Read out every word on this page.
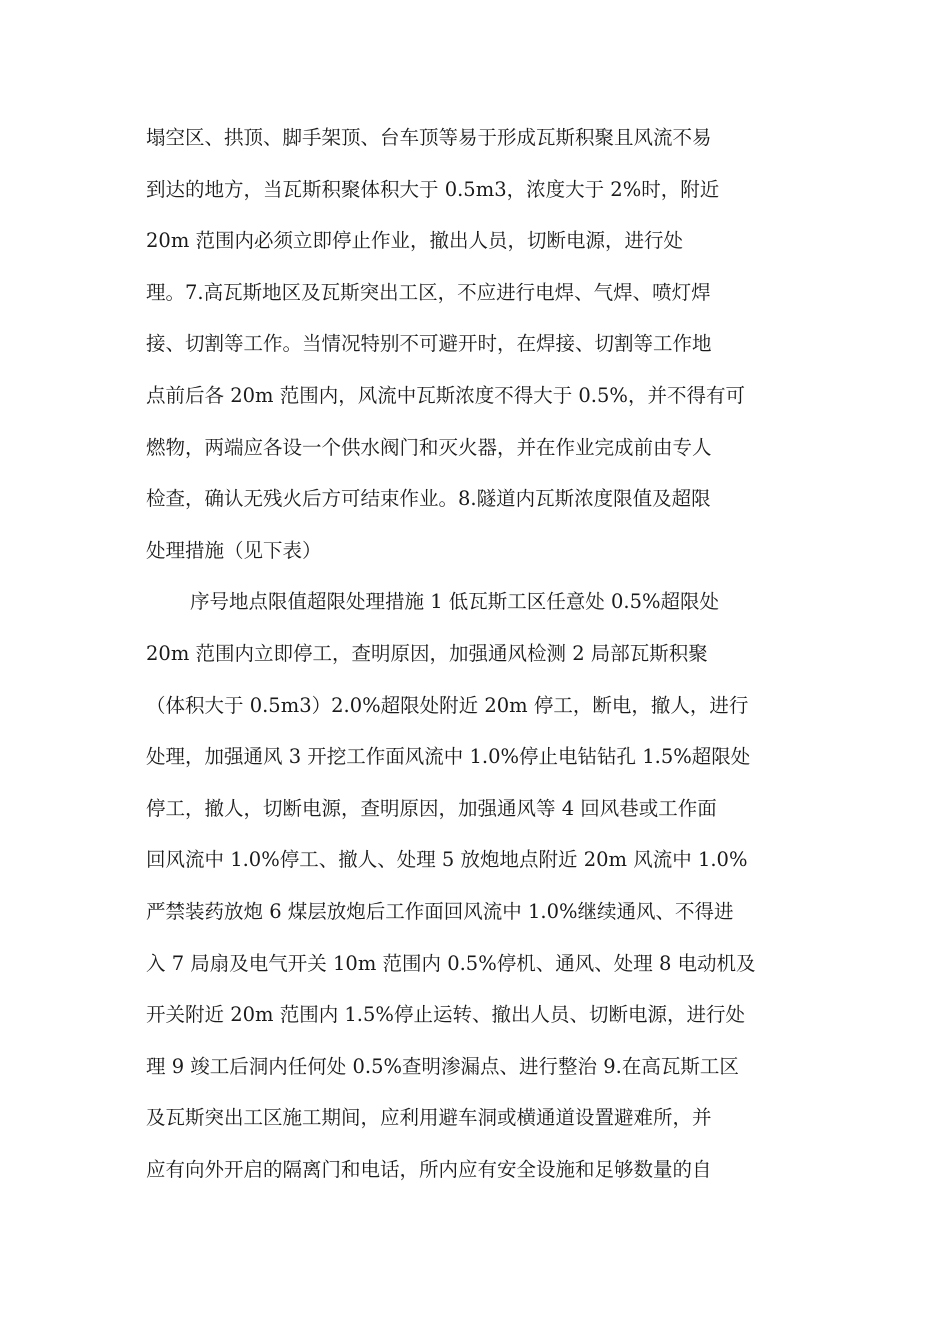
塌空区、拱顶、脚手架顶、台车顶等易于形成瓦斯积聚且风流不易
到达的地方，当瓦斯积聚体积大于 0.5m3，浓度大于 2%时，附近
20m 范围内必须立即停止作业，撤出人员，切断电源，进行处
理。7.高瓦斯地区及瓦斯突出工区，不应进行电焊、气焊、喷灯焊
接、切割等工作。当情况特别不可避开时，在焊接、切割等工作地
点前后各 20m 范围内，风流中瓦斯浓度不得大于 0.5%，并不得有可
燃物，两端应各设一个供水阀门和灭火器，并在作业完成前由专人
检查，确认无残火后方可结束作业。8.隧道内瓦斯浓度限值及超限
处理措施（见下表）
序号地点限值超限处理措施 1 低瓦斯工区任意处 0.5%超限处
20m 范围内立即停工，查明原因，加强通风检测 2 局部瓦斯积聚
（体积大于 0.5m3）2.0%超限处附近 20m 停工，断电，撤人，进行
处理，加强通风 3 开挖工作面风流中 1.0%停止电钻钻孔 1.5%超限处
停工，撤人，切断电源，查明原因，加强通风等 4 回风巷或工作面
回风流中 1.0%停工、撤人、处理 5 放炮地点附近 20m 风流中 1.0%
严禁装药放炮 6 煤层放炮后工作面回风流中 1.0%继续通风、不得进
入 7 局扇及电气开关 10m 范围内 0.5%停机、通风、处理 8 电动机及
开关附近 20m 范围内 1.5%停止运转、撤出人员、切断电源，进行处
理 9 竣工后洞内任何处 0.5%查明渗漏点、进行整治 9.在高瓦斯工区
及瓦斯突出工区施工期间，应利用避车洞或横通道设置避难所，并
应有向外开启的隔离门和电话，所内应有安全设施和足够数量的自
